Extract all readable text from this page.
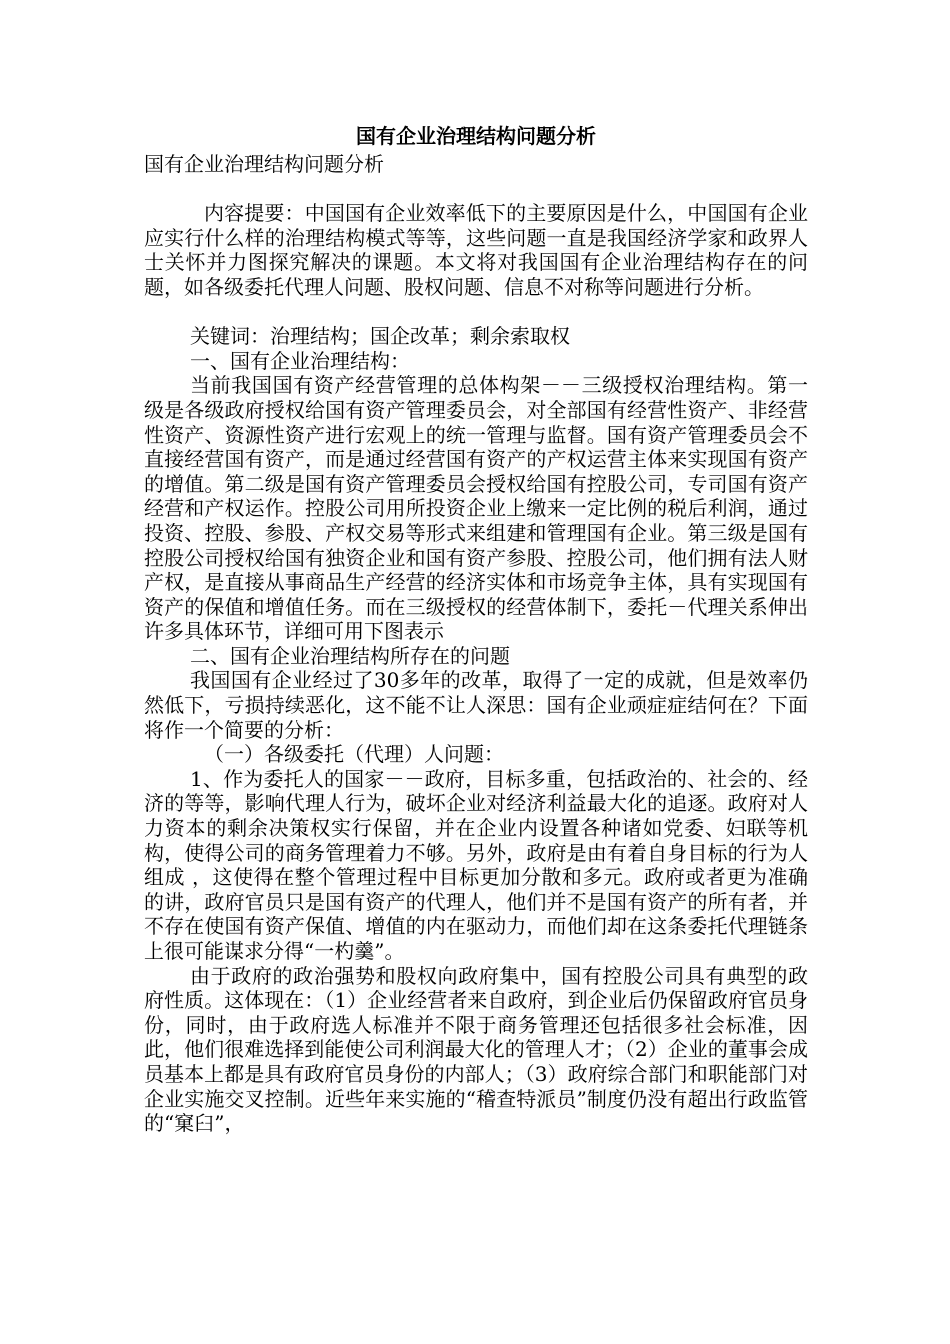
国有企业治理结构问题分析

国有企业治理结构问题分析

内容提要：中国国有企业效率低下的主要原因是什么，中国国有企业应实行什么样的治理结构模式等等，这些问题一直是我国经济学家和政界人士关怀并力图探究解决的课题。本文将对我国国有企业治理结构存在的问题，如各级委托代理人问题、股权问题、信息不对称等问题进行分析。

关键词：治理结构；国企改革；剩余索取权

一、国有企业治理结构：

当前我国国有资产经营管理的总体构架－－三级授权治理结构。第一级是各级政府授权给国有资产管理委员会，对全部国有经营性资产、非经营性资产、资源性资产进行宏观上的统一管理与监督。国有资产管理委员会不直接经营国有资产，而是通过经营国有资产的产权运营主体来实现国有资产的增值。第二级是国有资产管理委员会授权给国有控股公司，专司国有资产经营和产权运作。控股公司用所投资企业上缴来一定比例的税后利润，通过投资、控股、参股、产权交易等形式来组建和管理国有企业。第三级是国有控股公司授权给国有独资企业和国有资产参股、控股公司，他们拥有法人财产权，是直接从事商品生产经营的经济实体和市场竞争主体，具有实现国有资产的保值和增值任务。而在三级授权的经营体制下，委托－代理关系伸出许多具体环节，详细可用下图表示

二、国有企业治理结构所存在的问题

我国国有企业经过了30多年的改革，取得了一定的成就，但是效率仍然低下，亏损持续恶化，这不能不让人深思：国有企业顽症症结何在？下面将作一个简要的分析：

（一）各级委托（代理）人问题：

1、作为委托人的国家－－政府，目标多重，包括政治的、社会的、经济的等等，影响代理人行为，破坏企业对经济利益最大化的追逐。政府对人力资本的剩余决策权实行保留，并在企业内设置各种诸如党委、妇联等机构，使得公司的商务管理着力不够。另外，政府是由有着自身目标的行为人组成 ，这使得在整个管理过程中目标更加分散和多元。政府或者更为准确的讲，政府官员只是国有资产的代理人，他们并不是国有资产的所有者，并不存在使国有资产保值、增值的内在驱动力，而他们却在这条委托代理链条上很可能谋求分得“一杓羹”。

由于政府的政治强势和股权向政府集中，国有控股公司具有典型的政府性质。这体现在：（1）企业经营者来自政府，到企业后仍保留政府官员身份，同时，由于政府选人标准并不限于商务管理还包括很多社会标准，因此，他们很难选择到能使公司利润最大化的管理人才；（2）企业的董事会成员基本上都是具有政府官员身份的内部人；（3）政府综合部门和职能部门对企业实施交叉控制。近些年来实施的“稽查特派员”制度仍没有超出行政监管的“窠臼”，
